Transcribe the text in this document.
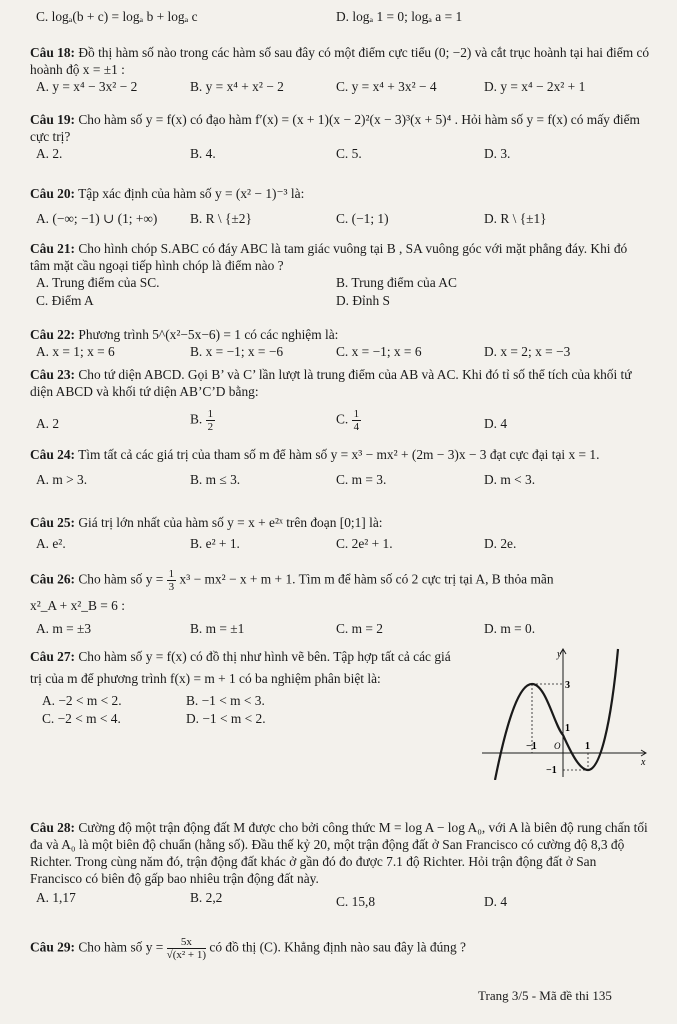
C. logₐ(b + c) = logₐ b + logₐ c	D. logₐ 1 = 0; logₐ a = 1

Câu 18: Đồ thị hàm số nào trong các hàm số sau đây có một điểm cực tiểu (0; −2) và cắt trục hoành tại hai điểm có hoành độ x = ±1 :

A. y = x⁴ − 3x² − 2	B. y = x⁴ + x² − 2	C. y = x⁴ + 3x² − 4	D. y = x⁴ − 2x² + 1

Câu 19: Cho hàm số y = f(x) có đạo hàm f′(x) = (x + 1)(x − 2)²(x − 3)³(x + 5)⁴ . Hỏi hàm số y = f(x) có mấy điểm cực trị?

A. 2.	B. 4.	C. 5.	D. 3.

Câu 20: Tập xác định của hàm số y = (x² − 1)⁻³ là:

A. (−∞; −1) ∪ (1; +∞) B. R \ {±2}	C. (−1; 1)	D. R \ {±1}

Câu 21: Cho hình chóp S.ABC có đáy ABC là tam giác vuông tại B , SA vuông góc với mặt phẳng đáy. Khi đó tâm mặt cầu ngoại tiếp hình chóp là điểm nào ?

A. Trung điểm của SC.	B. Trung điểm của AC
C. Điểm A	D. Đỉnh S

Câu 22: Phương trình 5^(x²−5x−6) = 1 có các nghiệm là:

A. x = 1; x = 6	B. x = −1; x = −6	C. x = −1; x = 6	D. x = 2; x = −3

Câu 23: Cho tứ diện ABCD. Gọi B’ và C’ lần lượt là trung điểm của AB và AC. Khi đó tỉ số thể tích của khối tứ diện ABCD và khối tứ diện AB’C’D bằng:

A. 2	B. $\frac{1}{2}$	C. $\frac{1}{4}$	D. 4

Câu 24: Tìm tất cả các giá trị của tham số m để hàm số y = x³ − mx² + (2m − 3)x − 3 đạt cực đại tại x = 1.

A. m > 3.	B. m ≤ 3.	C. m = 3.	D. m < 3.

Câu 25: Giá trị lớn nhất của hàm số y = x + e²ˣ trên đoạn [0;1] là:

A. e².	B. e² + 1.	C. 2e² + 1.	D. 2e.

Câu 26: Cho hàm số $y = \frac{1}{3} x^3 - mx^2 - x + m + 1$. Tìm m để hàm số có 2 cực trị tại A, B thỏa mãn

x²_A + x²_B = 6 :

A. m = ±3	B. m = ±1	C. m = 2	D. m = 0.

Câu 27: Cho hàm số y = f(x) có đồ thị như hình vẽ bên. Tập hợp tất cả các giá trị của m để phương trình f(x) = m + 1 có ba nghiệm phân biệt là:

A. −2 < m < 2.	B. −1 < m < 3.
C. −2 < m < 4.	D. −1 < m < 2.
y
x
3
1
−1
−1	1
O

Câu 28: Cường độ một trận động đất M được cho bởi công thức M = log A − log A₀, với A là biên độ rung chấn tối đa và A₀ là một biên độ chuẩn (hằng số). Đầu thế kỷ 20, một trận động đất ở San Francisco có cường độ 8,3 độ Richter. Trong cùng năm đó, trận động đất khác ở gần đó đo được 7.1 độ Richter. Hỏi trận động đất ở San Francisco có biên độ gấp bao nhiêu trận động đất này.

A. 1,17	B. 2,2	C. 15,8	D. 4

Câu 29: Cho hàm số $y = \frac{5x}{\text{√(x² + 1)}}$ có đồ thị (C). Khẳng định nào sau đây là đúng ?

Trang 3/5 - Mã đề thi 135
